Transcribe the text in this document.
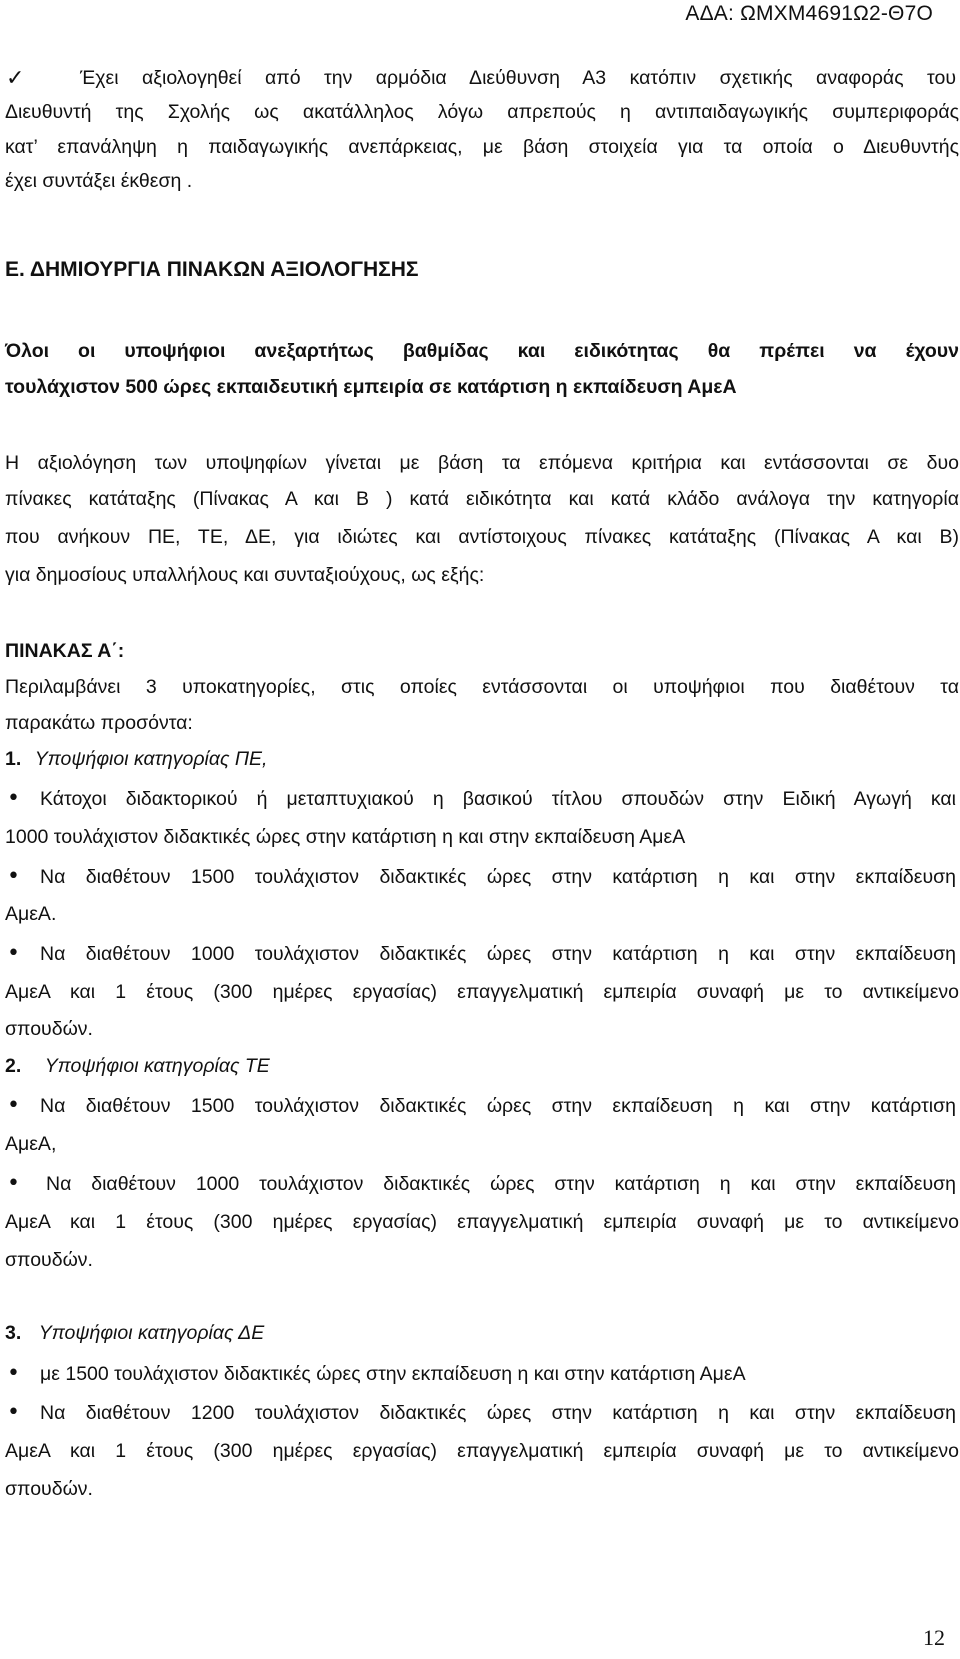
ΑΔΑ: ΩΜΧΜ4691Ω2-Θ7Ο
✓	Έχει αξιολογηθεί από την αρμόδια Διεύθυνση Α3 κατόπιν σχετικής αναφοράς του
Διευθυντή της Σχολής ως ακατάλληλος λόγω απρεπούς η αντιπαιδαγωγικής συμπεριφοράς
κατ’ επανάληψη η παιδαγωγικής ανεπάρκειας, με βάση στοιχεία για τα οποία ο Διευθυντής
έχει συντάξει έκθεση .
Ε. ΔΗΜΙΟΥΡΓΙΑ ΠΙΝΑΚΩΝ ΑΞΙΟΛΟΓΗΣΗΣ
Όλοι οι υποψήφιοι ανεξαρτήτως βαθμίδας και ειδικότητας θα πρέπει να έχουν
τουλάχιστον 500 ώρες εκπαιδευτική εμπειρία σε κατάρτιση η εκπαίδευση ΑμεΑ
Η αξιολόγηση των υποψηφίων γίνεται με βάση τα επόμενα κριτήρια και εντάσσονται σε δυο
πίνακες κατάταξης (Πίνακας Α και Β ) κατά ειδικότητα και κατά κλάδο ανάλογα την κατηγορία
που ανήκουν ΠΕ, ΤΕ, ΔΕ, για ιδιώτες και αντίστοιχους πίνακες κατάταξης (Πίνακας Α και Β)
για δημοσίους υπαλλήλους και συνταξιούχους, ως εξής:
ΠΙΝΑΚΑΣ Α΄:
Περιλαμβάνει 3 υποκατηγορίες, στις οποίες εντάσσονται οι υποψήφιοι που διαθέτουν τα
παρακάτω προσόντα:
1. Υποψήφιοι κατηγορίας ΠΕ,
• Κάτοχοι διδακτορικού ή μεταπτυχιακού η βασικού τίτλου σπουδών στην Ειδική Αγωγή και
1000 τουλάχιστον διδακτικές ώρες στην κατάρτιση η και στην εκπαίδευση ΑμεΑ
• Να διαθέτουν 1500 τουλάχιστον διδακτικές ώρες στην κατάρτιση η και στην εκπαίδευση
ΑμεΑ.
• Να διαθέτουν 1000 τουλάχιστον διδακτικές ώρες στην κατάρτιση η και στην εκπαίδευση
ΑμεΑ και 1 έτους (300 ημέρες εργασίας) επαγγελματική εμπειρία συναφή με το αντικείμενο
σπουδών.
2. Υποψήφιοι κατηγορίας ΤΕ
• Να διαθέτουν 1500 τουλάχιστον διδακτικές ώρες στην εκπαίδευση η και στην κατάρτιση
ΑμεΑ,
• Να διαθέτουν 1000 τουλάχιστον διδακτικές ώρες στην κατάρτιση η και στην εκπαίδευση
ΑμεΑ και 1 έτους (300 ημέρες εργασίας) επαγγελματική εμπειρία συναφή με το αντικείμενο
σπουδών.
3. Υποψήφιοι κατηγορίας ΔΕ
• με 1500 τουλάχιστον διδακτικές ώρες στην εκπαίδευση η και στην κατάρτιση ΑμεΑ
• Να διαθέτουν 1200 τουλάχιστον διδακτικές ώρες στην κατάρτιση η και στην εκπαίδευση
ΑμεΑ και 1 έτους (300 ημέρες εργασίας) επαγγελματική εμπειρία συναφή με το αντικείμενο
σπουδών.
12
